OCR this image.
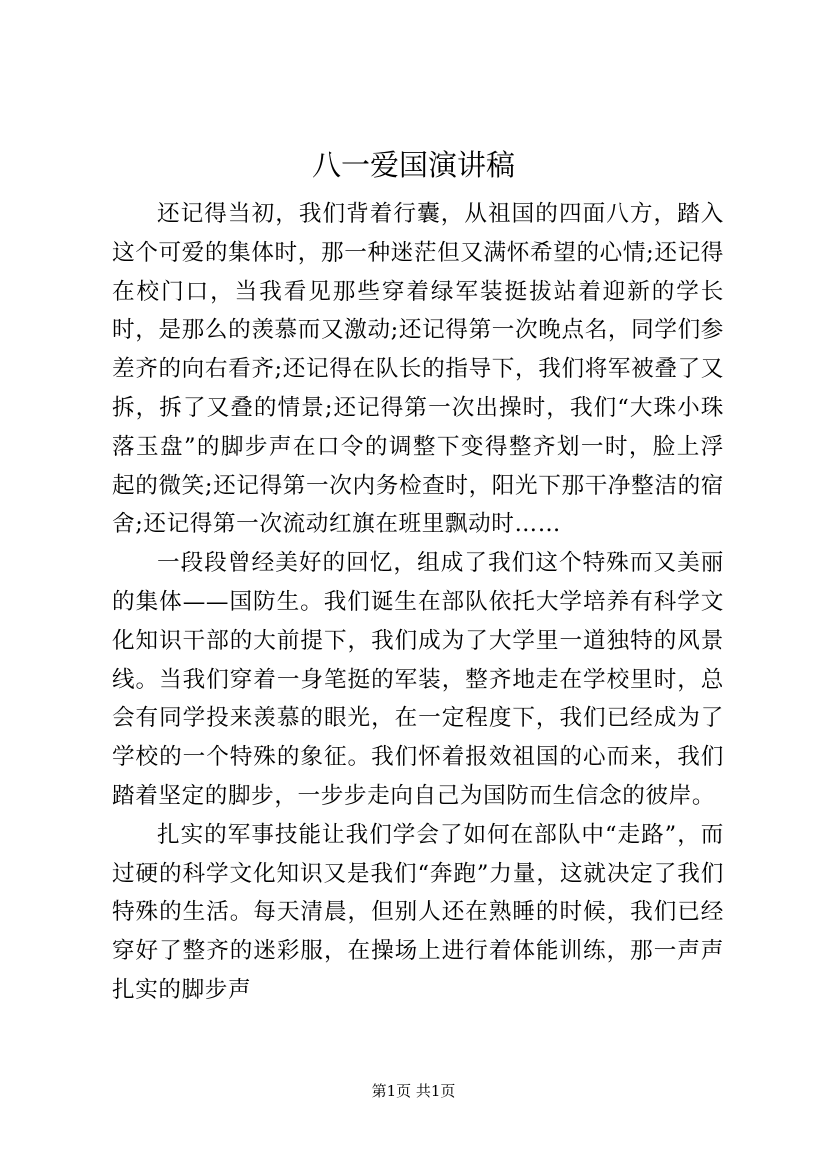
八一爱国演讲稿

还记得当初，我们背着行囊，从祖国的四面八方，踏入这个可爱的集体时，那一种迷茫但又满怀希望的心情;还记得在校门口，当我看见那些穿着绿军装挺拔站着迎新的学长时，是那么的羡慕而又激动;还记得第一次晚点名，同学们参差齐的向右看齐;还记得在队长的指导下，我们将军被叠了又拆，拆了又叠的情景;还记得第一次出操时，我们“大珠小珠落玉盘”的脚步声在口令的调整下变得整齐划一时，脸上浮起的微笑;还记得第一次内务检查时，阳光下那干净整洁的宿舍;还记得第一次流动红旗在班里飘动时……

一段段曾经美好的回忆，组成了我们这个特殊而又美丽的集体——国防生。我们诞生在部队依托大学培养有科学文化知识干部的大前提下，我们成为了大学里一道独特的风景线。当我们穿着一身笔挺的军装，整齐地走在学校里时，总会有同学投来羡慕的眼光，在一定程度下，我们已经成为了学校的一个特殊的象征。我们怀着报效祖国的心而来，我们踏着坚定的脚步，一步步走向自己为国防而生信念的彼岸。

扎实的军事技能让我们学会了如何在部队中“走路”，而过硬的科学文化知识又是我们“奔跑”力量，这就决定了我们特殊的生活。每天清晨，但别人还在熟睡的时候，我们已经穿好了整齐的迷彩服，在操场上进行着体能训练，那一声声扎实的脚步声

第1页 共1页
